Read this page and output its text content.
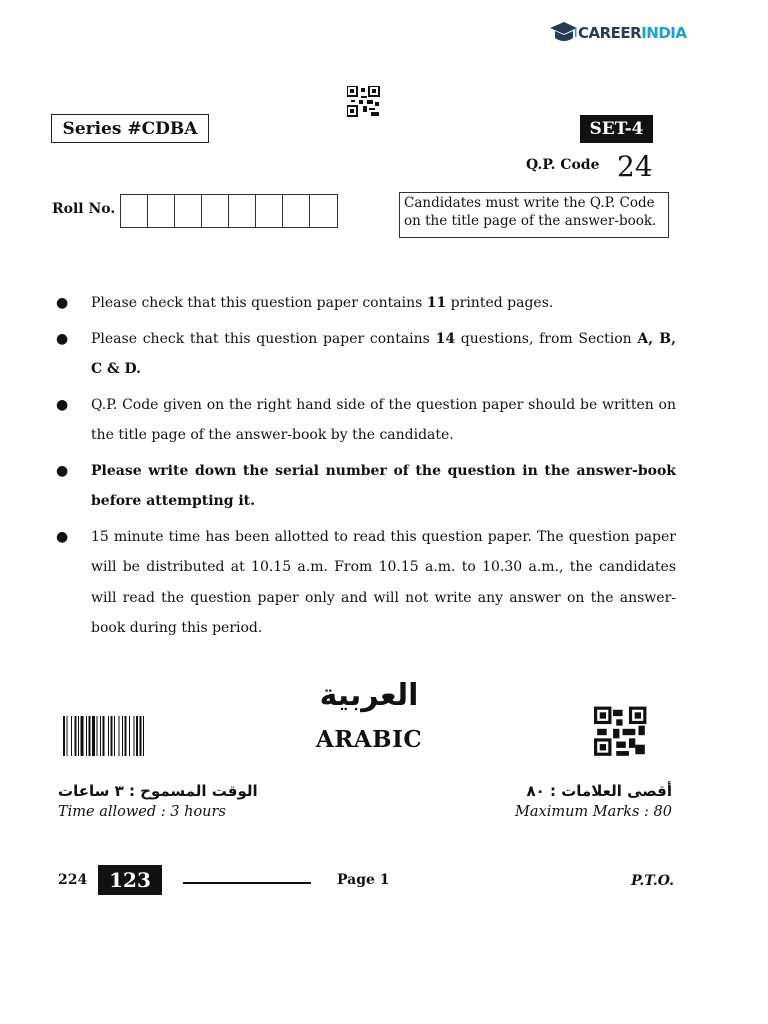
CAREER INDIA
Series #CDBA	SET-4
Q.P. Code 24
Roll No.	Candidates must write the Q.P. Code
on the title page of the answer-book.
● Please check that this question paper contains 11 printed pages.
● Please check that this question paper contains 14 questions, from Section A, B, C & D.
● Q.P. Code given on the right hand side of the question paper should be written on the title page of the answer-book by the candidate.
● Please write down the serial number of the question in the answer-book before attempting it.
● 15 minute time has been allotted to read this question paper. The question paper will be distributed at 10.15 a.m. From 10.15 a.m. to 10.30 a.m., the candidates will read the question paper only and will not write any answer on the answer-book during this period.
العربية
ARABIC
الوقت المسموح : ٣ ساعات
Time allowed : 3 hours
أقصى العلامات : ٨٠
Maximum Marks : 80
224	123	Page 1	P.T.O.
